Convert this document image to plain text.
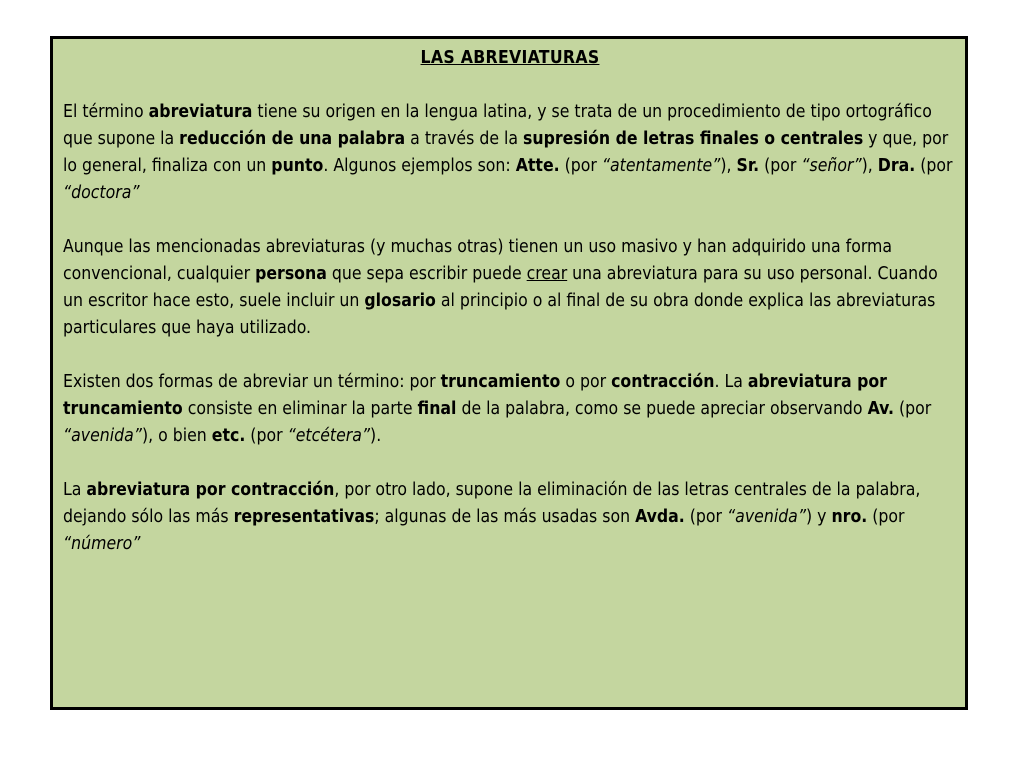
LAS ABREVIATURAS
El término abreviatura tiene su origen en la lengua latina, y se trata de un procedimiento de tipo ortográfico que supone la reducción de una palabra a través de la supresión de letras finales o centrales y que, por lo general, finaliza con un punto. Algunos ejemplos son: Atte. (por “atentamente”), Sr. (por “señor”), Dra. (por “doctora”
Aunque las mencionadas abreviaturas (y muchas otras) tienen un uso masivo y han adquirido una forma convencional, cualquier persona que sepa escribir puede crear una abreviatura para su uso personal. Cuando un escritor hace esto, suele incluir un glosario al principio o al final de su obra donde explica las abreviaturas particulares que haya utilizado.
Existen dos formas de abreviar un término: por truncamiento o por contracción. La abreviatura por truncamiento consiste en eliminar la parte final de la palabra, como se puede apreciar observando Av. (por “avenida”), o bien etc. (por “etcétera”).
La abreviatura por contracción, por otro lado, supone la eliminación de las letras centrales de la palabra, dejando sólo las más representativas; algunas de las más usadas son Avda. (por “avenida”) y nro. (por “número”
